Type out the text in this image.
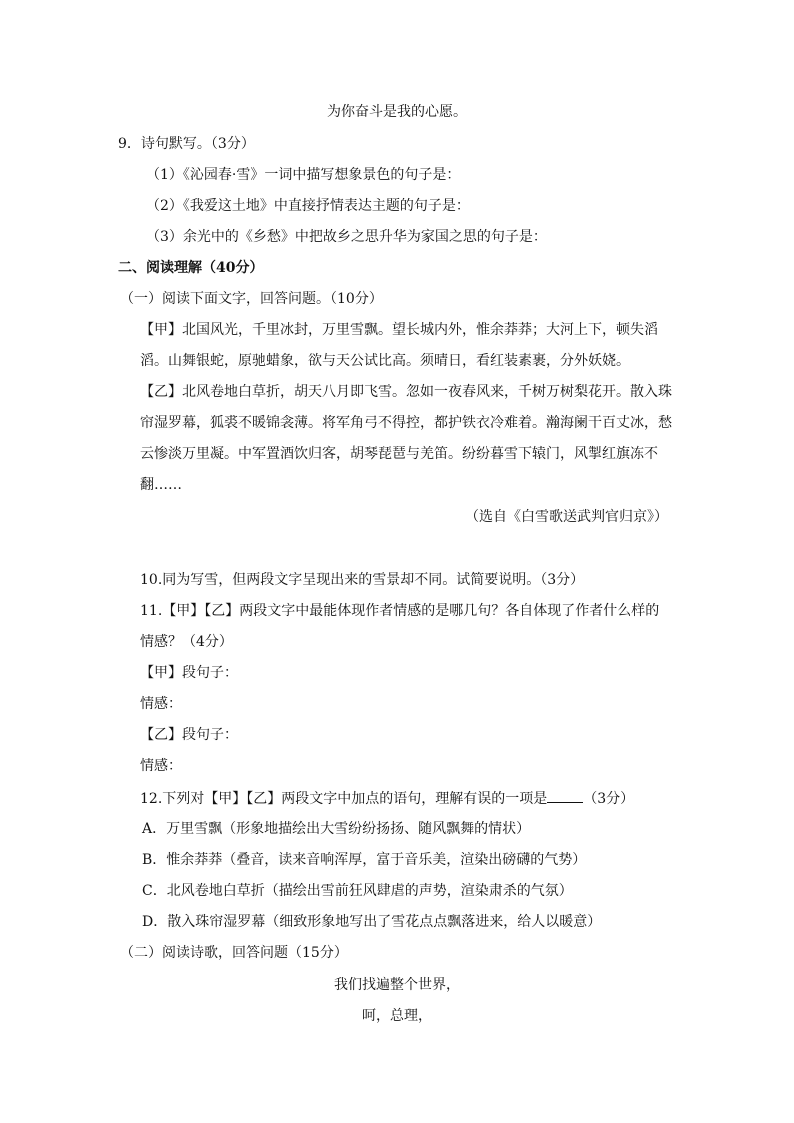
为你奋斗是我的心愿。
9．诗句默写。（3分）
（1）《沁园春·雪》一词中描写想象景色的句子是：
（2）《我爱这土地》中直接抒情表达主题的句子是：
（3）余光中的《乡愁》中把故乡之思升华为家国之思的句子是：
二、阅读理解（40分）
（一）阅读下面文字，回答问题。（10分）
【甲】北国风光，千里冰封，万里雪飘。望长城内外，惟余莽莽；大河上下，顿失滔
滔。山舞银蛇，原驰蜡象，欲与天公试比高。须晴日，看红装素裹，分外妖娆。
【乙】北风卷地白草折，胡天八月即飞雪。忽如一夜春风来，千树万树梨花开。散入珠
帘湿罗幕，狐裘不暖锦衾薄。将军角弓不得控，都护铁衣冷难着。瀚海阑干百丈冰，愁
云惨淡万里凝。中军置酒饮归客，胡琴琵琶与羌笛。纷纷暮雪下辕门，风掣红旗冻不
翻……
（选自《白雪歌送武判官归京》）
10.同为写雪，但两段文字呈现出来的雪景却不同。试简要说明。（3分）
11.【甲】【乙】两段文字中最能体现作者情感的是哪几句？各自体现了作者什么样的
情感？（4分）
【甲】段句子：
情感：
【乙】段句子：
情感：
12.下列对【甲】【乙】两段文字中加点的语句，理解有误的一项是	（3分）
A．万里雪飘（形象地描绘出大雪纷纷扬扬、随风飘舞的情状）
B．惟余莽莽（叠音，读来音响浑厚，富于音乐美，渲染出磅礴的气势）
C．北风卷地白草折（描绘出雪前狂风肆虐的声势，渲染肃杀的气氛）
D．散入珠帘湿罗幕（细致形象地写出了雪花点点飘落进来，给人以暖意）
（二）阅读诗歌，回答问题（15分）
我们找遍整个世界，
呵，总理，
